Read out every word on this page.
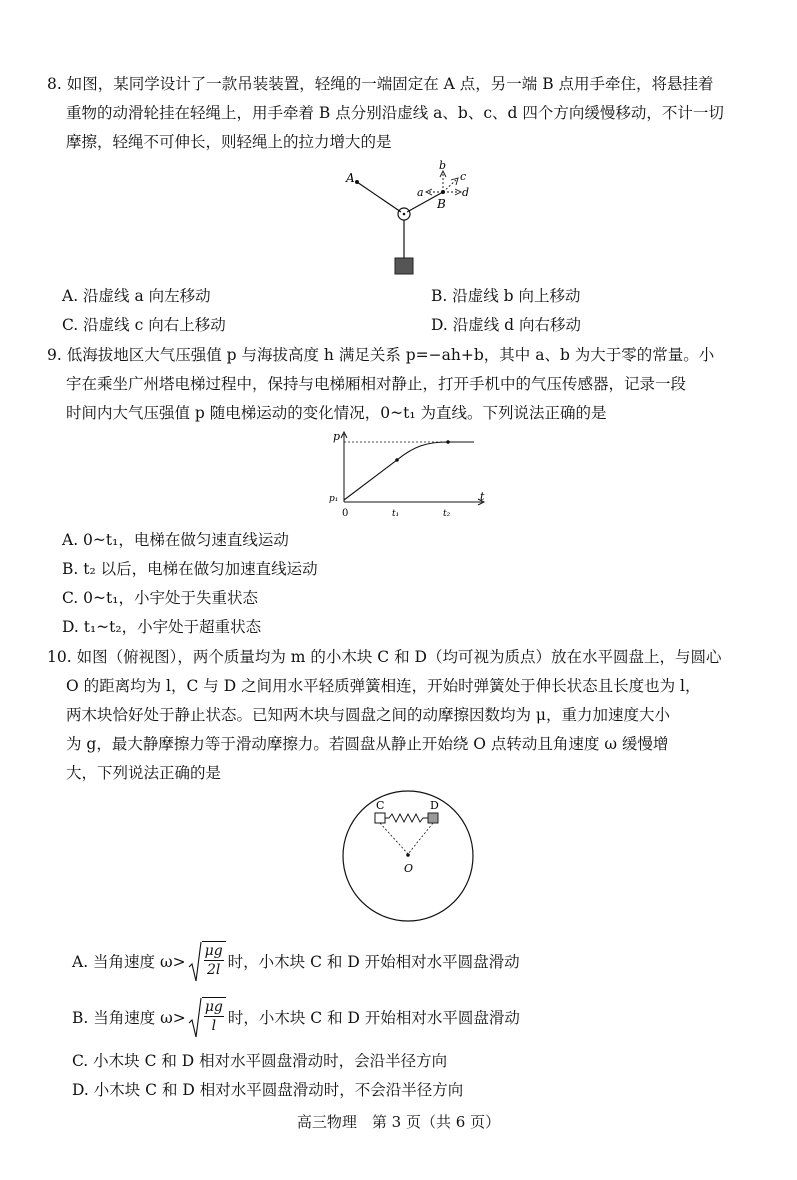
8. 如图，某同学设计了一款吊装装置，轻绳的一端固定在 A 点，另一端 B 点用手牵住，将悬挂着
重物的动滑轮挂在轻绳上，用手牵着 B 点分别沿虚线 a、b、c、d 四个方向缓慢移动，不计一切
摩擦，轻绳不可伸长，则轻绳上的拉力增大的是
A
B
a
b
c
d
A. 沿虚线 a 向左移动	B. 沿虚线 b 向上移动
C. 沿虚线 c 向右上移动	D. 沿虚线 d 向右移动
9. 低海拔地区大气压强值 p 与海拔高度 h 满足关系 p=−ah+b，其中 a、b 为大于零的常量。小
宇在乘坐广州塔电梯过程中，保持与电梯厢相对静止，打开手机中的气压传感器，记录一段
时间内大气压强值 p 随电梯运动的变化情况，0~t₁ 为直线。下列说法正确的是
p
t
0
p₁
t₁	t₂
A. 0~t₁，电梯在做匀速直线运动
B. t₂ 以后，电梯在做匀加速直线运动
C. 0~t₁，小宇处于失重状态
D. t₁~t₂，小宇处于超重状态
10. 如图（俯视图），两个质量均为 m 的小木块 C 和 D（均可视为质点）放在水平圆盘上，与圆心
O 的距离均为 l，C 与 D 之间用水平轻质弹簧相连，开始时弹簧处于伸长状态且长度也为 l，
两木块恰好处于静止状态。已知两木块与圆盘之间的动摩擦因数均为 μ，重力加速度大小
为 g，最大静摩擦力等于滑动摩擦力。若圆盘从静止开始绕 O 点转动且角速度 ω 缓慢增
大，下列说法正确的是
C	D
O
A. 当角速度 $\omega> \frac{\mu g}{2l}$ 时，小木块 C 和 D 开始相对水平圆盘滑动
B. 当角速度 $\omega> \frac{\mu g}{l}$ 时，小木块 C 和 D 开始相对水平圆盘滑动
C. 小木块 C 和 D 相对水平圆盘滑动时，会沿半径方向
D. 小木块 C 和 D 相对水平圆盘滑动时，不会沿半径方向
高三物理　第 3 页（共 6 页）
